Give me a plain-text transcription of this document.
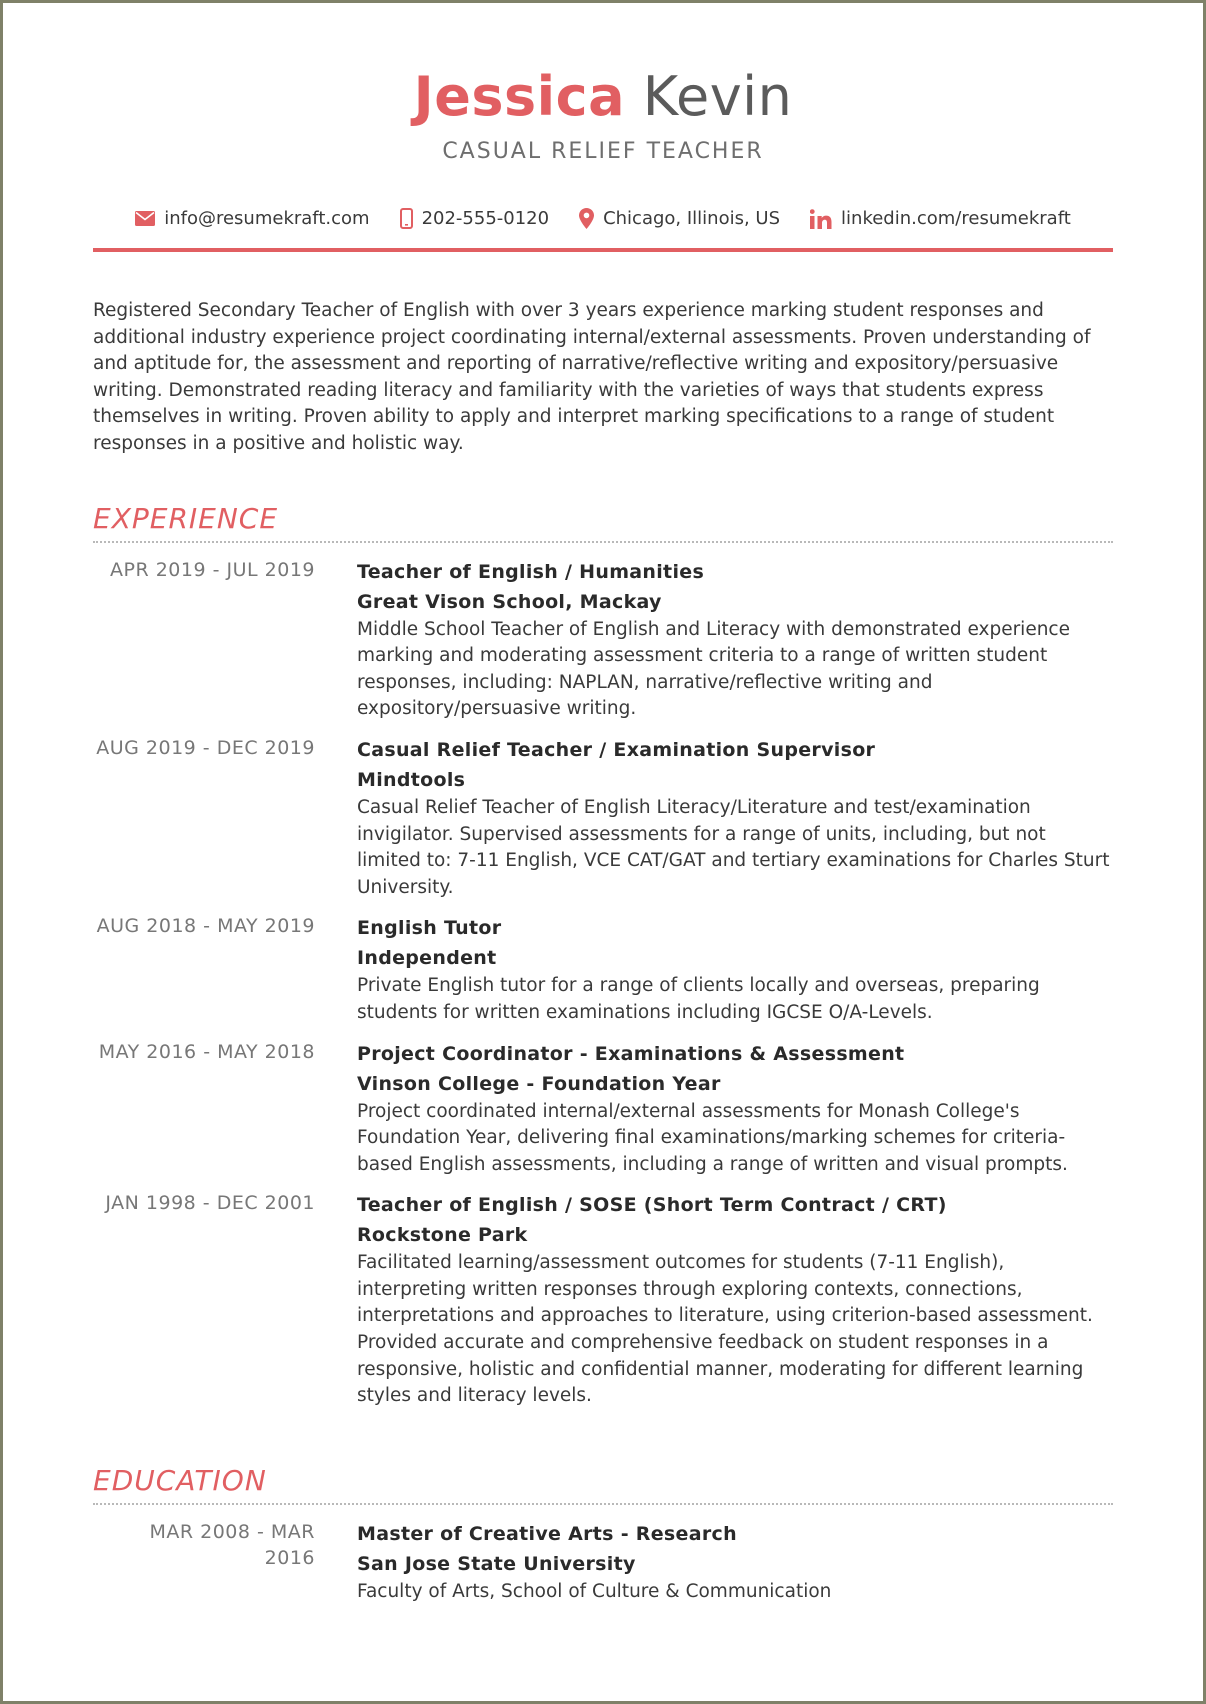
Jessica Kevin
CASUAL RELIEF TEACHER
info@resumekraft.com	202-555-0120	Chicago, Illinois, US	linkedin.com/resumekraft
Registered Secondary Teacher of English with over 3 years experience marking student responses and additional industry experience project coordinating internal/external assessments. Proven understanding of and aptitude for, the assessment and reporting of narrative/reflective writing and expository/persuasive writing. Demonstrated reading literacy and familiarity with the varieties of ways that students express themselves in writing. Proven ability to apply and interpret marking specifications to a range of student responses in a positive and holistic way.
EXPERIENCE
APR 2019 - JUL 2019 Teacher of English / Humanities
Great Vison School, Mackay
Middle School Teacher of English and Literacy with demonstrated experience marking and moderating assessment criteria to a range of written student responses, including: NAPLAN, narrative/reflective writing and expository/persuasive writing.
AUG 2019 - DEC 2019 Casual Relief Teacher / Examination Supervisor
Mindtools
Casual Relief Teacher of English Literacy/Literature and test/examination invigilator. Supervised assessments for a range of units, including, but not limited to: 7-11 English, VCE CAT/GAT and tertiary examinations for Charles Sturt University.
AUG 2018 - MAY 2019 English Tutor
Independent
Private English tutor for a range of clients locally and overseas, preparing students for written examinations including IGCSE O/A-Levels.
MAY 2016 - MAY 2018 Project Coordinator - Examinations & Assessment
Vinson College - Foundation Year
Project coordinated internal/external assessments for Monash College's Foundation Year, delivering final examinations/marking schemes for criteria-based English assessments, including a range of written and visual prompts.
JAN 1998 - DEC 2001 Teacher of English / SOSE (Short Term Contract / CRT)
Rockstone Park
Facilitated learning/assessment outcomes for students (7-11 English), interpreting written responses through exploring contexts, connections, interpretations and approaches to literature, using criterion-based assessment. Provided accurate and comprehensive feedback on student responses in a responsive, holistic and confidential manner, moderating for different learning styles and literacy levels.
EDUCATION
MAR 2008 - MAR 2016
Master of Creative Arts - Research
San Jose State University
Faculty of Arts, School of Culture & Communication
